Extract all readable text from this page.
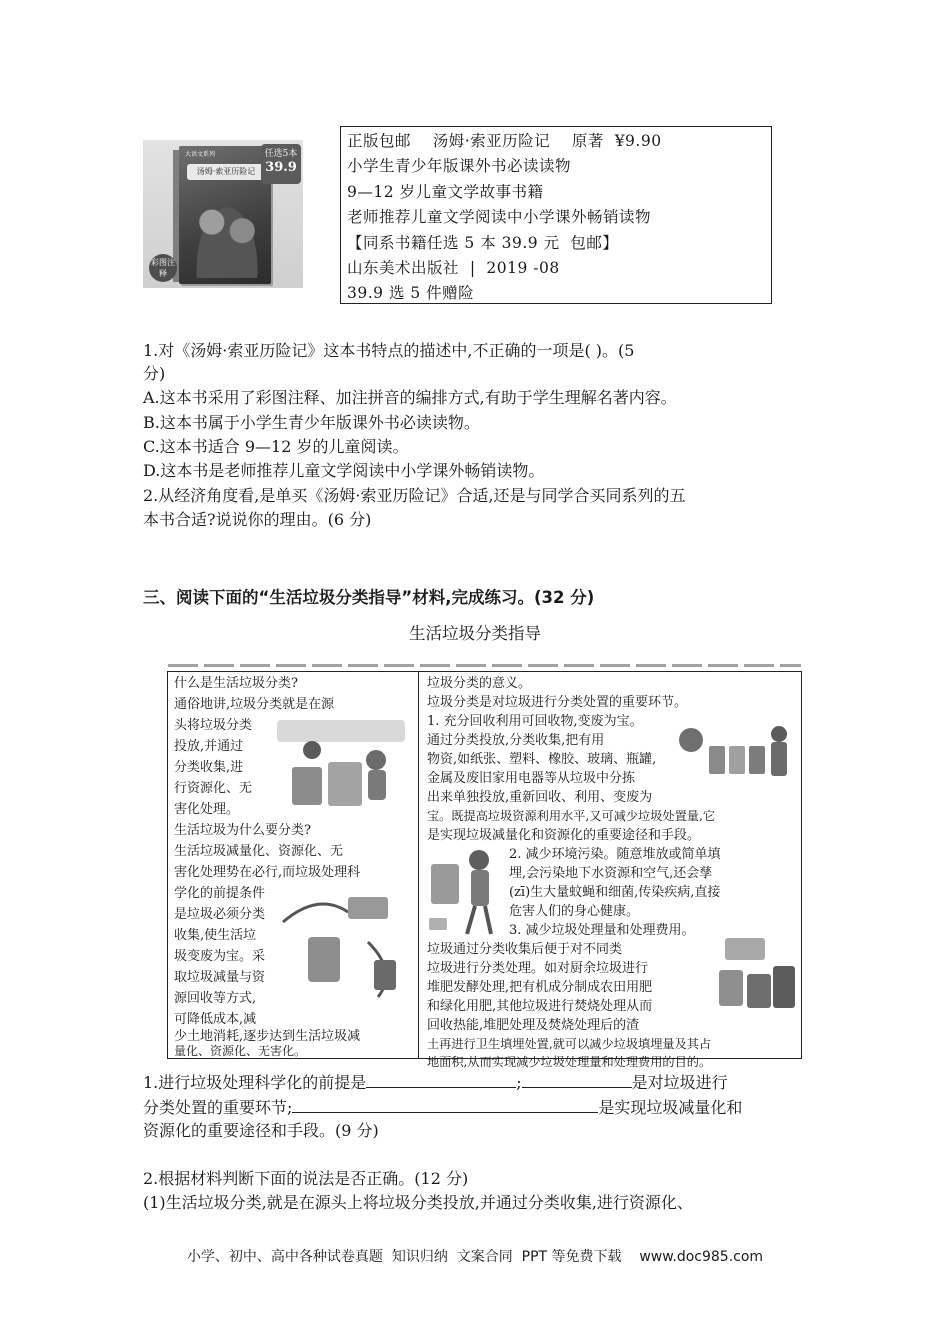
大语文系列
汤姆·索亚历险记
任选5本
39.9
彩图注释
正版包邮    汤姆·索亚历险记    原著  ¥9.90
小学生青少年版课外书必读读物
9—12 岁儿童文学故事书籍
老师推荐儿童文学阅读中小学课外畅销读物
【同系书籍任选 5 本 39.9 元  包邮】
山东美术出版社  |  2019 -08
39.9 选 5 件赠险
1.对《汤姆·索亚历险记》这本书特点的描述中,不正确的一项是( )。(5
分)
A.这本书采用了彩图注释、加注拼音的编排方式,有助于学生理解名著内容。
B.这本书属于小学生青少年版课外书必读读物。
C.这本书适合 9—12 岁的儿童阅读。
D.这本书是老师推荐儿童文学阅读中小学课外畅销读物。
2.从经济角度看,是单买《汤姆·索亚历险记》合适,还是与同学合买同系列的五
本书合适?说说你的理由。(6 分)
三、阅读下面的“生活垃圾分类指导”材料,完成练习。(32 分)
生活垃圾分类指导
什么是生活垃圾分类?
通俗地讲,垃圾分类就是在源
头将垃圾分类
投放,并通过
分类收集,进
行资源化、无
害化处理。
生活垃圾为什么要分类?
生活垃圾减量化、资源化、无
害化处理势在必行,而垃圾处理科
学化的前提条件
是垃圾必须分类
收集,使生活垃
圾变废为宝。采
取垃圾减量与资
源回收等方式,
可降低成本,减
少土地消耗,逐步达到生活垃圾减
量化、资源化、无害化。
垃圾分类的意义。
垃圾分类是对垃圾进行分类处置的重要环节。
1. 充分回收利用可回收物,变废为宝。
通过分类投放,分类收集,把有用
物资,如纸张、塑料、橡胶、玻璃、瓶罐,
金属及废旧家用电器等从垃圾中分拣
出来单独投放,重新回收、利用、变废为
宝。既提高垃圾资源利用水平,又可减少垃圾处置量,它
是实现垃圾减量化和资源化的重要途径和手段。
2. 减少环境污染。随意堆放或简单填
埋,会污染地下水资源和空气,还会孳
(zī)生大量蚊蝇和细菌,传染疾病,直接
危害人们的身心健康。
3. 减少垃圾处理量和处理费用。
垃圾通过分类收集后便于对不同类
垃圾进行分类处理。如对厨余垃圾进行
堆肥发酵处理,把有机成分制成农田用肥
和绿化用肥,其他垃圾进行焚烧处理从而
回收热能,堆肥处理及焚烧处理后的渣
土再进行卫生填埋处置,就可以减少垃圾填埋量及其占
地面积,从而实现减少垃圾处理量和处理费用的目的。
1.进行垃圾处理科学化的前提是	;	是对垃圾进行
分类处置的重要环节;	是实现垃圾减量化和
资源化的重要途径和手段。(9 分)
2.根据材料判断下面的说法是否正确。(12 分)
(1)生活垃圾分类,就是在源头上将垃圾分类投放,并通过分类收集,进行资源化、
小学、初中、高中各种试卷真题  知识归纳  文案合同  PPT 等免费下载    www.doc985.com
